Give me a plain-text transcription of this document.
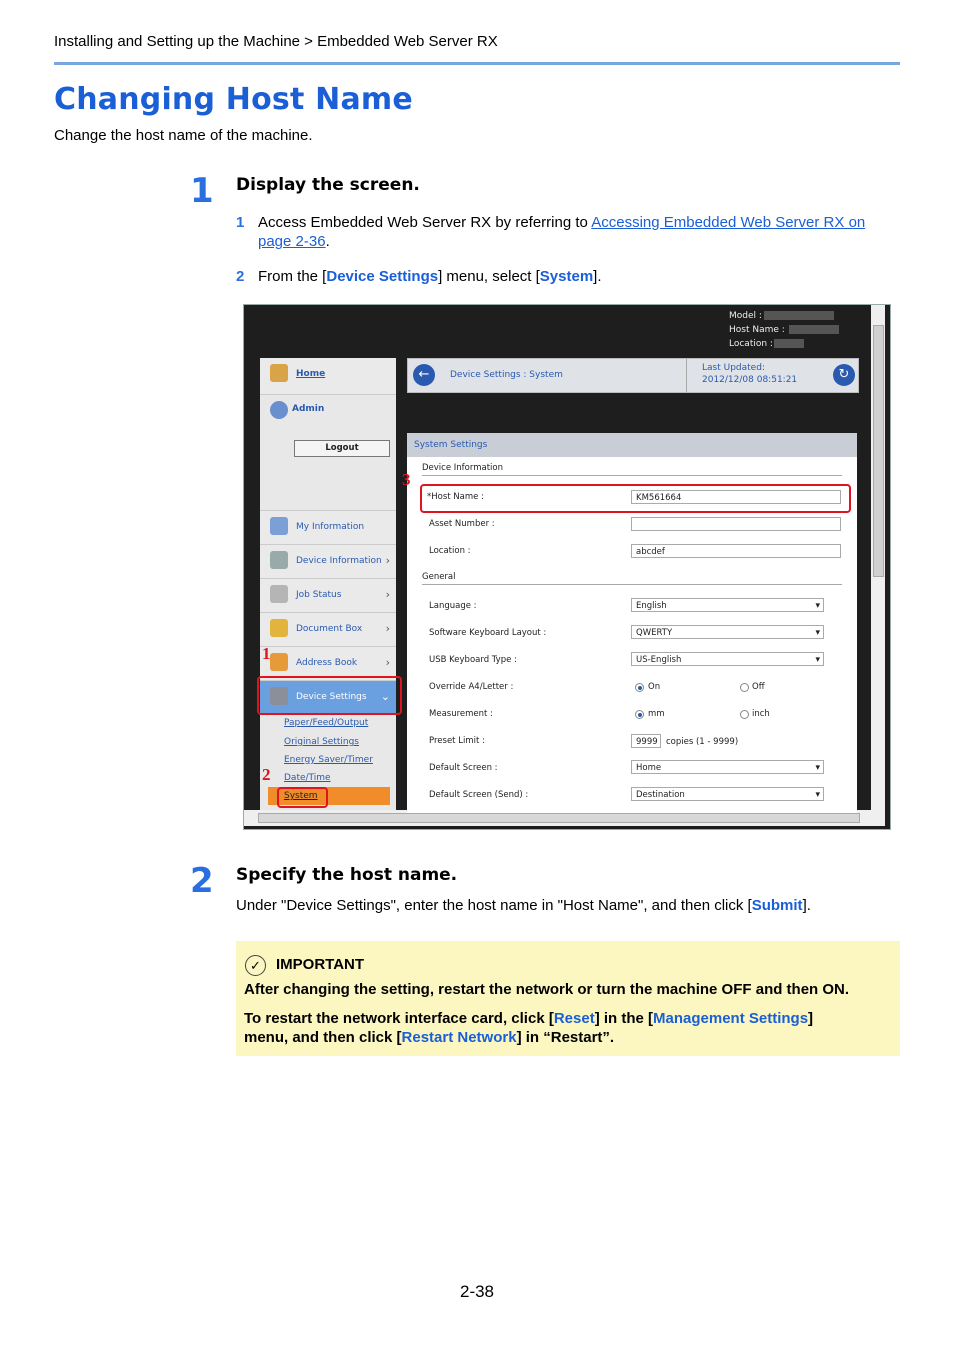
Installing and Setting up the Machine > Embedded Web Server RX
Changing Host Name
Change the host name of the machine.
1 Display the screen.
1 Access Embedded Web Server RX by referring to Accessing Embedded Web Server RX on
page 2-36.
2 From the [Device Settings] menu, select [System].
Model :
Host Name :
Location :
Home
Admin
Logout
My Information
Device Information ›
Job Status	›
Document Box ›
Address Book	›
Device Settings ⌄
Paper/Feed/Output
Original Settings
Energy Saver/Timer
Date/Time
System
←	Device Settings : System
Last Updated:
2012/12/08 08:51:21	↻
System Settings
Device Information
*Host Name :	KM561664
Asset Number :
Location :	abcdef
General
Language :	English ▾
Software Keyboard Layout :	QWERTY ▾
USB Keyboard Type :	US-English ▾
Override A4/Letter :	On	Off
Measurement :	mm	inch
Preset Limit :	9999 copies (1 - 9999)
Default Screen :	Home ▾
Default Screen (Send) :	Destination ▾
1
2
3
2 Specify the host name.
Under "Device Settings", enter the host name in "Host Name", and then click [Submit].
✓	IMPORTANT
After changing the setting, restart the network or turn the machine OFF and then ON.
To restart the network interface card, click [Reset] in the [Management Settings]
menu, and then click [Restart Network] in “Restart”.
2-38
